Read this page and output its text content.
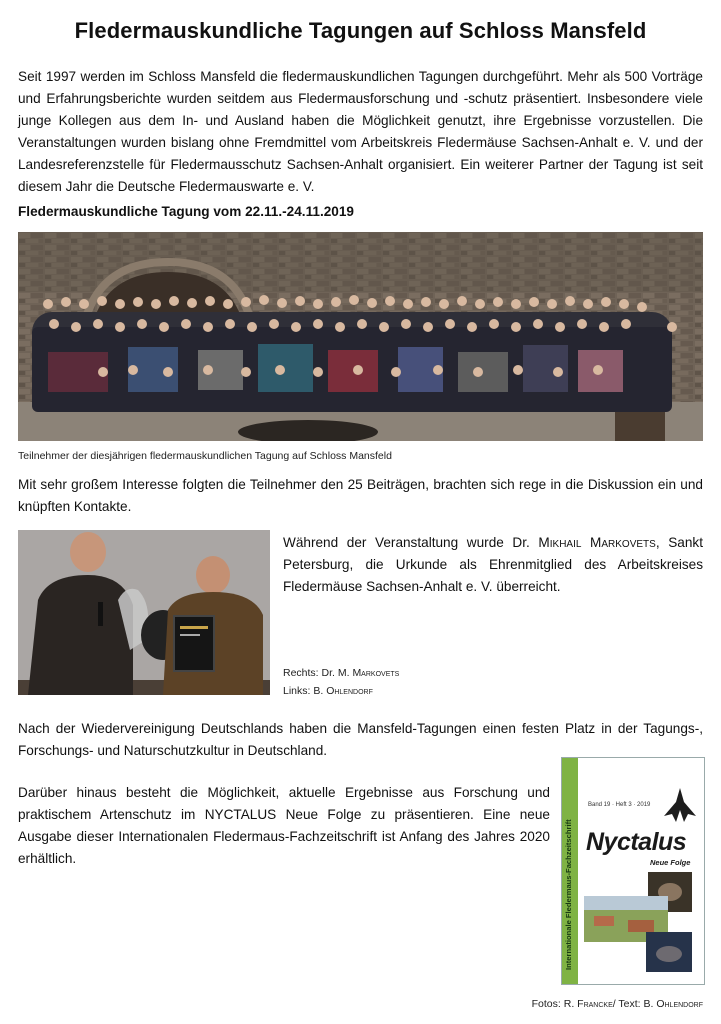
Fledermauskundliche Tagungen auf Schloss Mansfeld
Seit 1997 werden im Schloss Mansfeld die fledermauskundlichen Tagungen durchgeführt. Mehr als 500 Vorträge und Erfahrungsberichte wurden seitdem aus Fledermausforschung und -schutz präsentiert. Insbesondere viele junge Kollegen aus dem In- und Ausland haben die Möglichkeit genutzt, ihre Ergebnisse vorzustellen. Die Veranstaltungen wurden bislang ohne Fremdmittel vom Arbeitskreis Fledermäuse Sachsen-Anhalt e. V. und der Landesreferenzstelle für Fledermausschutz Sachsen-Anhalt organisiert. Ein weiterer Partner der Tagung ist seit diesem Jahr die Deutsche Fledermauswarte e. V.
Fledermauskundliche Tagung vom 22.11.-24.11.2019
Teilnehmer der diesjährigen fledermauskundlichen Tagung auf Schloss Mansfeld
Mit sehr großem Interesse folgten die Teilnehmer den 25 Beiträgen, brachten sich rege in die Diskussion ein und knüpften Kontakte.
Während der Veranstaltung wurde Dr. Mikhail Markovets, Sankt Petersburg, die Urkunde als Ehrenmitglied des Arbeitskreises Fledermäuse Sachsen-Anhalt e. V. überreicht.
Rechts: Dr. M. Markovets
Links: B. Ohlendorf
Nach der Wiedervereinigung Deutschlands haben die Mansfeld-Tagungen einen festen Platz in der Tagungs-, Forschungs- und Naturschutzkultur in Deutschland.
Darüber hinaus besteht die Möglichkeit, aktuelle Ergebnisse aus Forschung und praktischem Artenschutz im NYCTALUS Neue Folge zu präsentieren. Eine neue Ausgabe dieser Internationalen Fledermaus-Fachzeitschrift ist Anfang des Jahres 2020 erhältlich.	Internationale Fledermaus-Fachzeitschrift
Band 19 · Heft 3 · 2019
Nyctalus
Neue Folge
Fotos: R. Francke/ Text: B. Ohlendorf
